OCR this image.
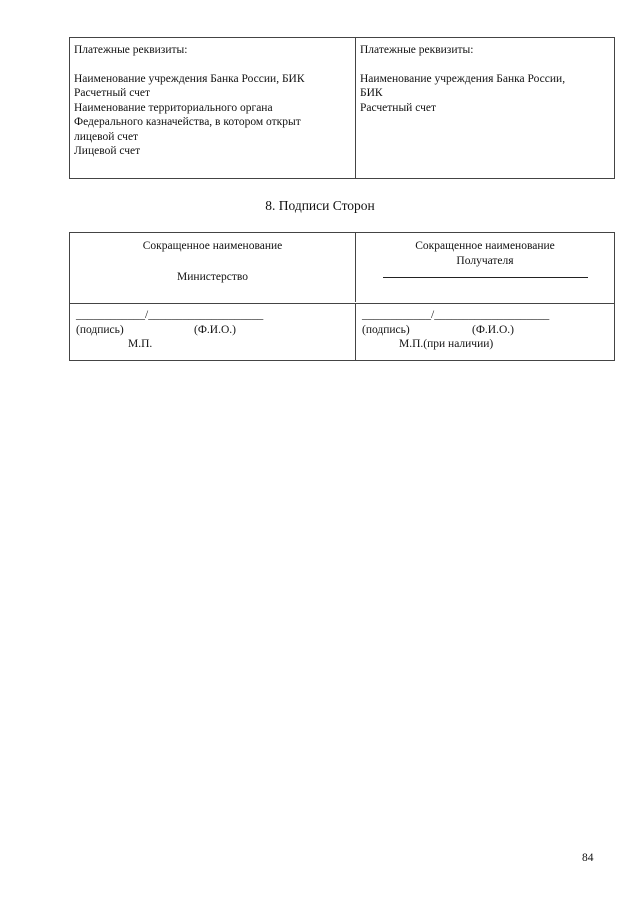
Платежные реквизиты:
Наименование учреждения Банка России, БИК
Расчетный счет
Наименование территориального органа
Федерального казначейства, в котором открыт
лицевой счет
Лицевой счет
Платежные реквизиты:
Наименование учреждения Банка России,
БИК
Расчетный счет
8. Подписи Сторон
Сокращенное наименование
Министерство
Сокращенное наименование
Получателя
____________/____________________
(подпись)	(Ф.И.О.)
М.П.
____________/____________________
(подпись)	(Ф.И.О.)
М.П.(при наличии)
84
